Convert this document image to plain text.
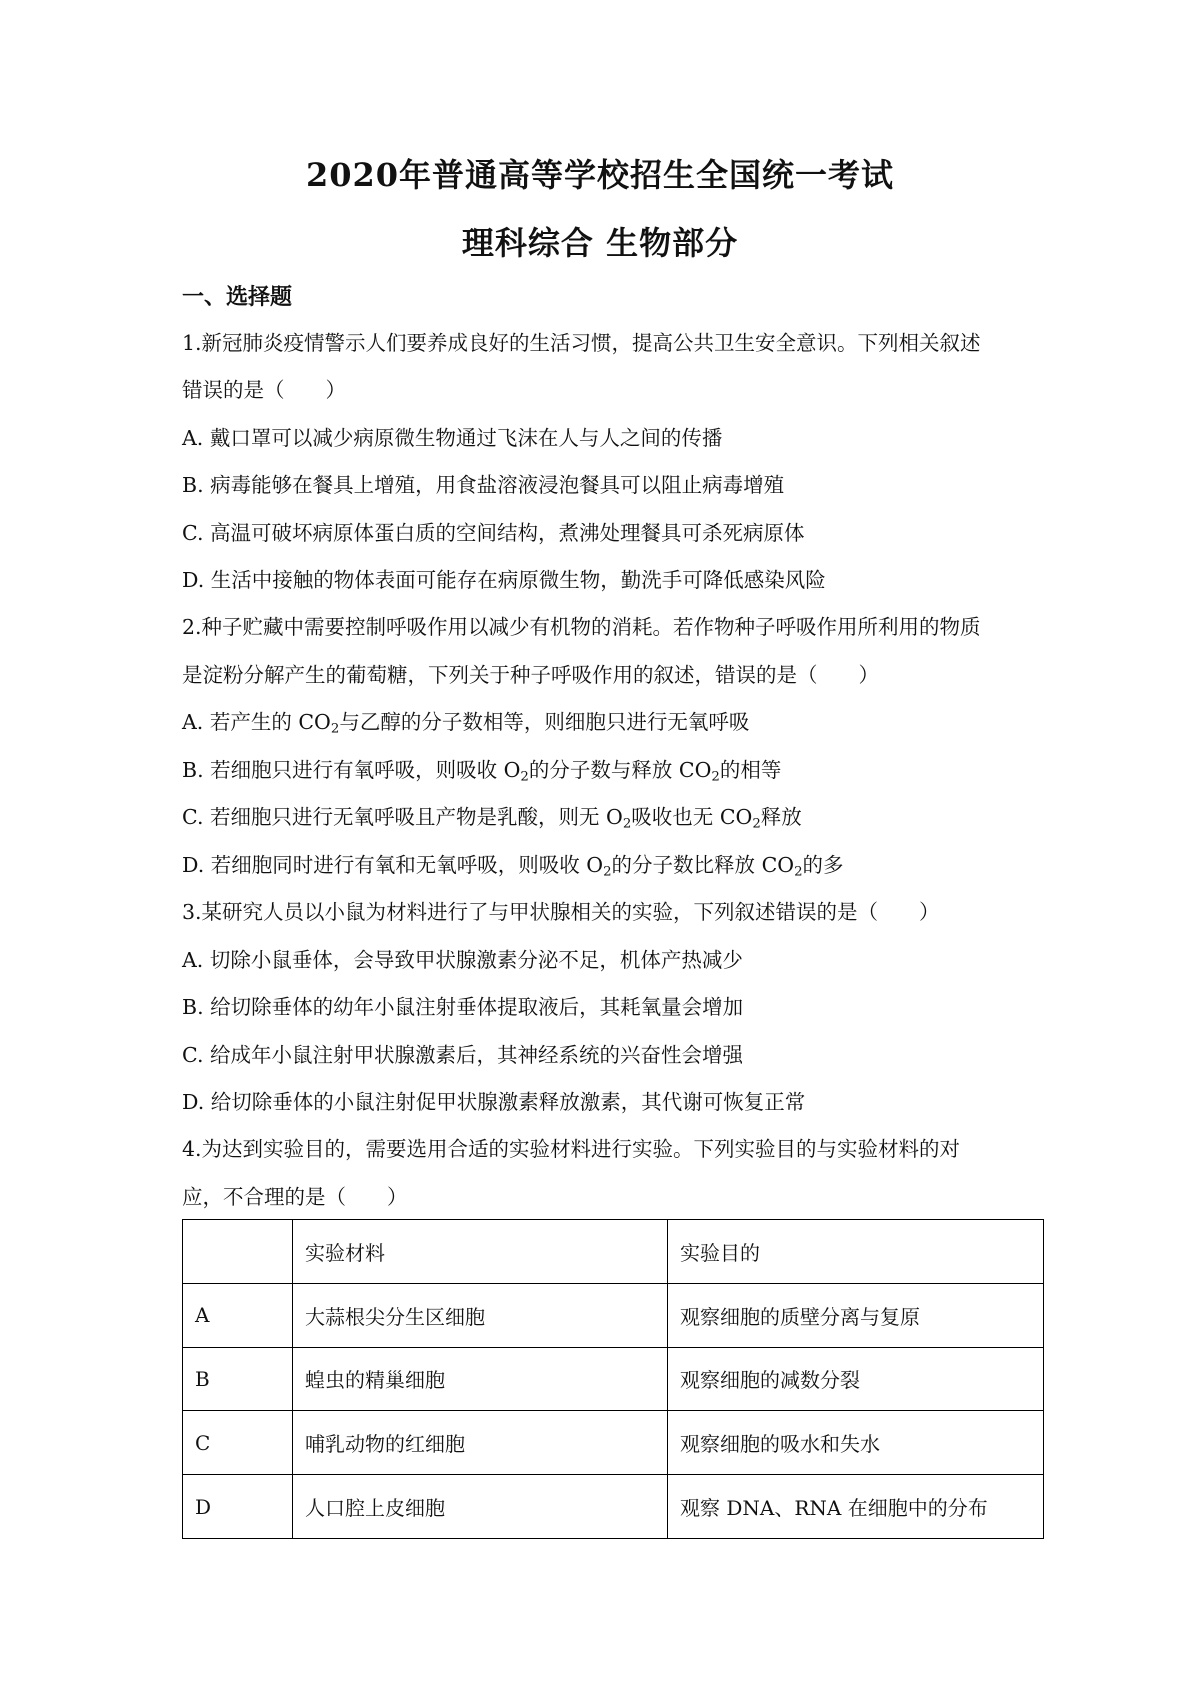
2020年普通高等学校招生全国统一考试
理科综合 生物部分
一、选择题
1.新冠肺炎疫情警示人们要养成良好的生活习惯，提高公共卫生安全意识。下列相关叙述
错误的是（　　）
A. 戴口罩可以减少病原微生物通过飞沫在人与人之间的传播
B. 病毒能够在餐具上增殖，用食盐溶液浸泡餐具可以阻止病毒增殖
C. 高温可破坏病原体蛋白质的空间结构，煮沸处理餐具可杀死病原体
D. 生活中接触的物体表面可能存在病原微生物，勤洗手可降低感染风险
2.种子贮藏中需要控制呼吸作用以减少有机物的消耗。若作物种子呼吸作用所利用的物质
是淀粉分解产生的葡萄糖，下列关于种子呼吸作用的叙述，错误的是（　　）
A. 若产生的 $CO_2$与乙醇的分子数相等，则细胞只进行无氧呼吸
B. 若细胞只进行有氧呼吸，则吸收 $O_2$的分子数与释放 $CO_2$的相等
C. 若细胞只进行无氧呼吸且产物是乳酸，则无 $O_2$吸收也无 $CO_2$释放
D. 若细胞同时进行有氧和无氧呼吸，则吸收 $O_2$的分子数比释放 $CO_2$的多
3.某研究人员以小鼠为材料进行了与甲状腺相关的实验，下列叙述错误的是（　　）
A. 切除小鼠垂体，会导致甲状腺激素分泌不足，机体产热减少
B. 给切除垂体的幼年小鼠注射垂体提取液后，其耗氧量会增加
C. 给成年小鼠注射甲状腺激素后，其神经系统的兴奋性会增强
D. 给切除垂体的小鼠注射促甲状腺激素释放激素，其代谢可恢复正常
4.为达到实验目的，需要选用合适的实验材料进行实验。下列实验目的与实验材料的对
应，不合理的是（　　）
	实验材料	实验目的
A	大蒜根尖分生区细胞	观察细胞的质壁分离与复原
B	蝗虫的精巢细胞	观察细胞的减数分裂
C	哺乳动物的红细胞	观察细胞的吸水和失水
D	人口腔上皮细胞	观察 DNA、RNA 在细胞中的分布
